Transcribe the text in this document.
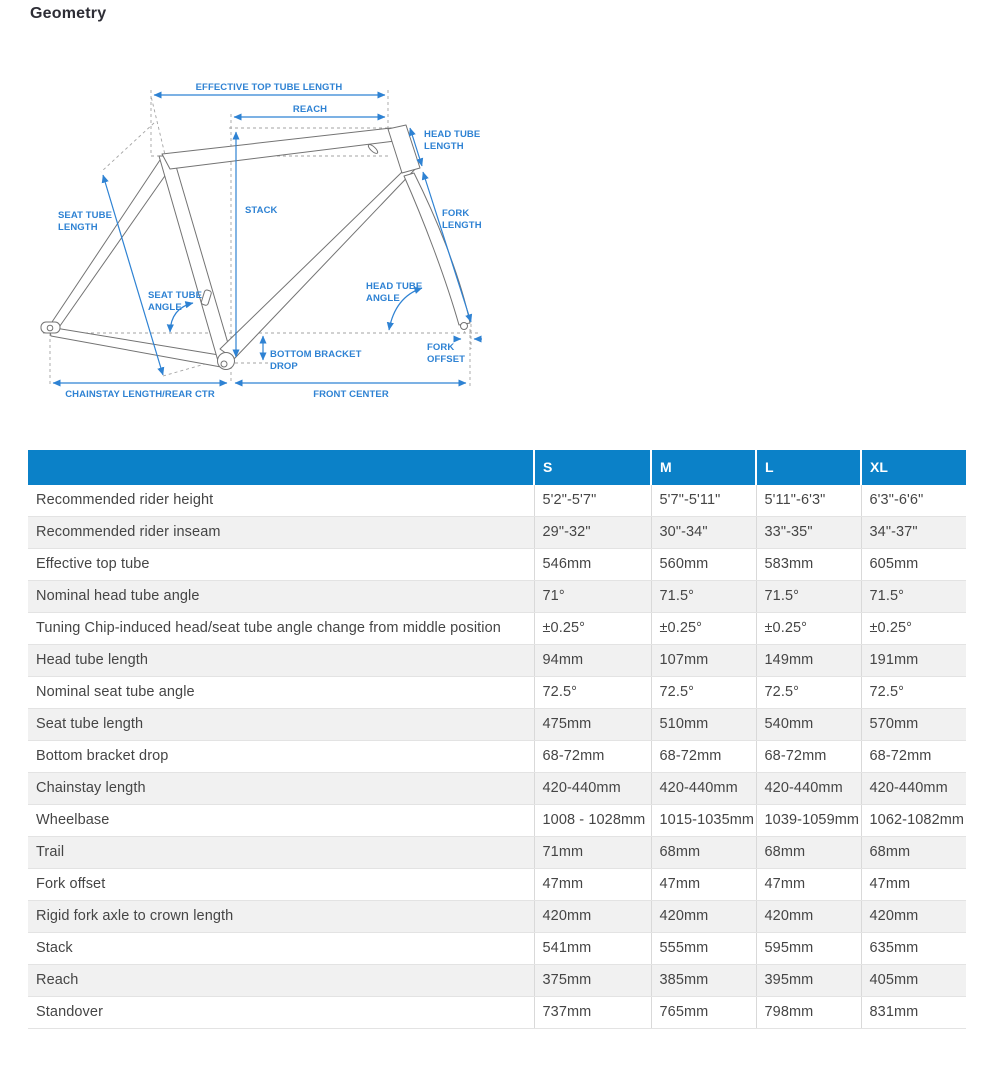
Geometry
EFFECTIVE TOP TUBE LENGTH
REACH
HEAD TUBE
LENGTH
SEAT TUBE
LENGTH
STACK	FORK
LENGTH
SEAT TUBE
ANGLE
HEAD TUBE
ANGLE
BOTTOM BRACKET
DROP
FORK
OFFSET
CHAINSTAY LENGTH/REAR CTR	FRONT CENTER
	S	M	L	XL
Recommended rider height	5'2"-5'7"	5'7"-5'11"	5'11"-6'3"	6'3"-6'6"
Recommended rider inseam	29"-32"	30"-34"	33"-35"	34"-37"
Effective top tube	546mm	560mm	583mm	605mm
Nominal head tube angle	71°	71.5°	71.5°	71.5°
Tuning Chip-induced head/seat tube angle change from middle position	±0.25°	±0.25°	±0.25°	±0.25°
Head tube length	94mm	107mm	149mm	191mm
Nominal seat tube angle	72.5°	72.5°	72.5°	72.5°
Seat tube length	475mm	510mm	540mm	570mm
Bottom bracket drop	68-72mm	68-72mm	68-72mm	68-72mm
Chainstay length	420-440mm	420-440mm	420-440mm	420-440mm
Wheelbase	1008 - 1028mm	1015-1035mm	1039-1059mm	1062-1082mm
Trail	71mm	68mm	68mm	68mm
Fork offset	47mm	47mm	47mm	47mm
Rigid fork axle to crown length	420mm	420mm	420mm	420mm
Stack	541mm	555mm	595mm	635mm
Reach	375mm	385mm	395mm	405mm
Standover	737mm	765mm	798mm	831mm
